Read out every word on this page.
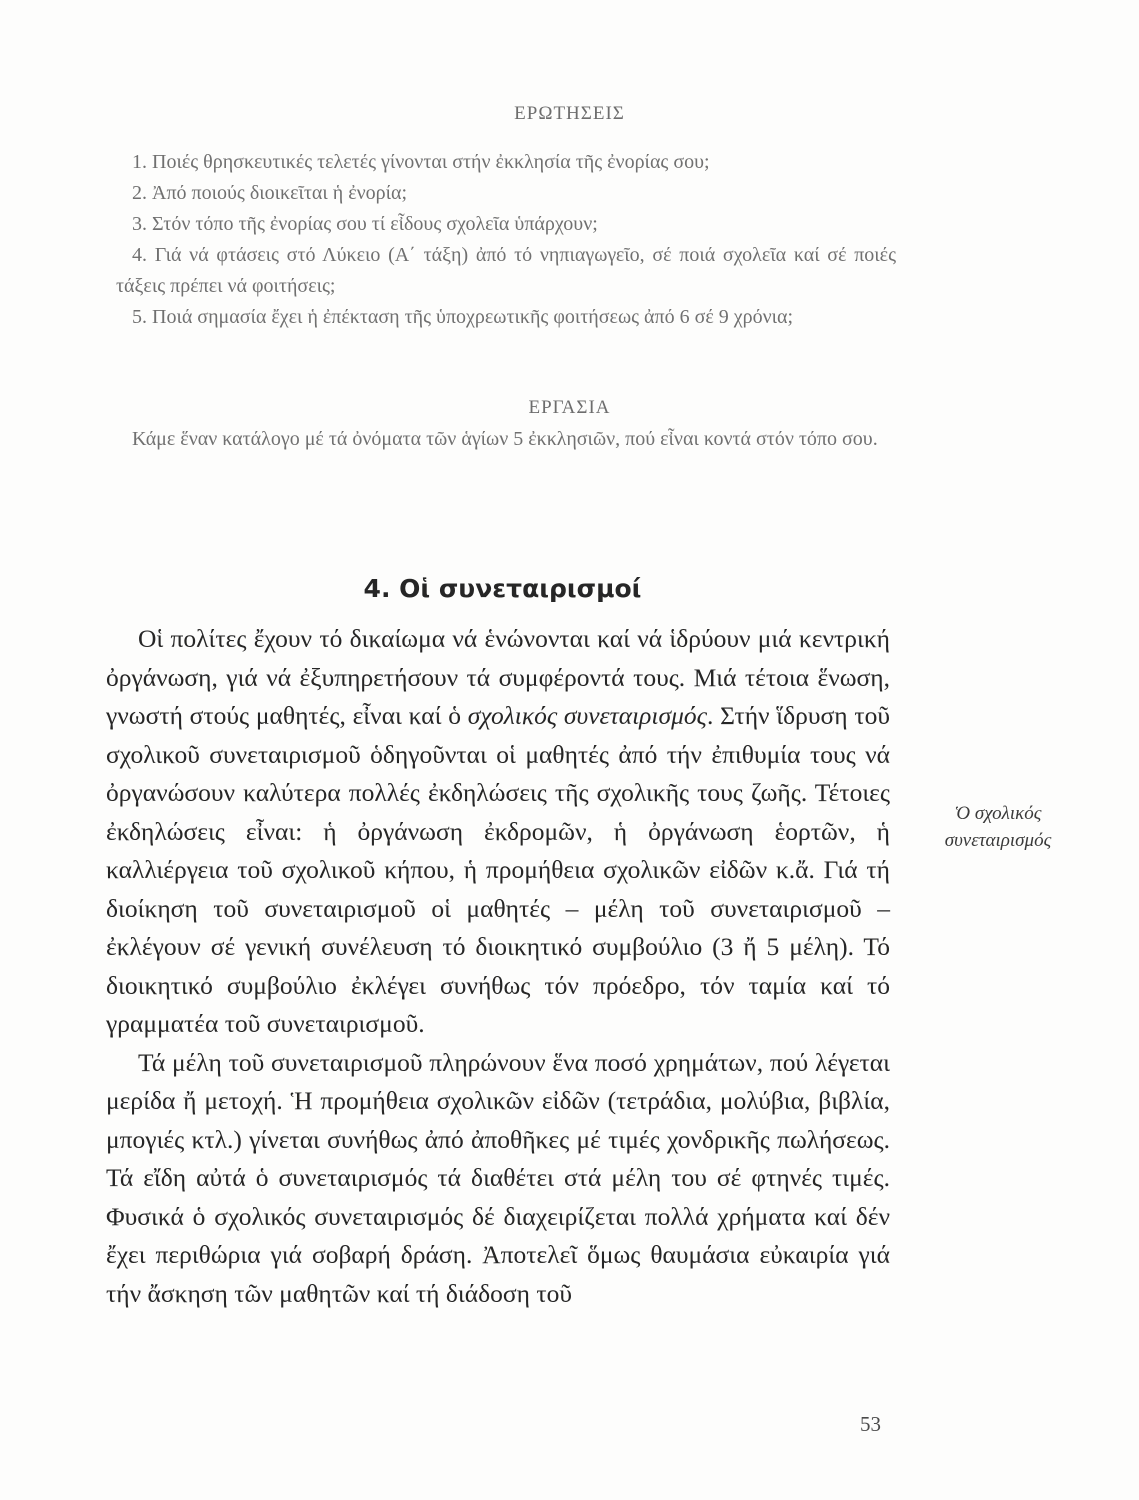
ΕΡΩΤΗΣΕΙΣ

1. Ποιές θρησκευτικές τελετές γίνονται στήν ἐκκλησία τῆς ἐνορίας σου;

2. Ἀπό ποιούς διοικεῖται ἡ ἐνορία;

3. Στόν τόπο τῆς ἐνορίας σου τί εἶδους σχολεῖα ὑπάρχουν;

4. Γιά νά φτάσεις στό Λύκειο (Α΄ τάξη) ἀπό τό νηπιαγωγεῖο, σέ ποιά σχολεῖα καί σέ ποιές τάξεις πρέπει νά φοιτήσεις;

5. Ποιά σημασία ἔχει ἡ ἐπέκταση τῆς ὑποχρεωτικῆς φοιτήσεως ἀπό 6 σέ 9 χρόνια;

ΕΡΓΑΣΙΑ

Κάμε ἕναν κατάλογο μέ τά ὀνόματα τῶν ἁγίων 5 ἐκκλησιῶν, πού εἶναι κοντά στόν τόπο σου.

4. Οἱ συνεταιρισμοί

Οἱ πολίτες ἔχουν τό δικαίωμα νά ἑνώνονται καί νά ἱδρύουν μιά κεντρική ὀργάνωση, γιά νά ἐξυπηρετήσουν τά συμφέροντά τους. Μιά τέτοια ἕνωση, γνωστή στούς μαθητές, εἶναι καί ὁ σχολικός συνεταιρισμός. Στήν ἵδρυση τοῦ σχολικοῦ συνεταιρισμοῦ ὁδηγοῦνται οἱ μαθητές ἀπό τήν ἐπιθυμία τους νά ὀργανώσουν καλύτερα πολλές ἐκδηλώσεις τῆς σχολικῆς τους ζωῆς. Τέτοιες ἐκδηλώσεις εἶναι: ἡ ὀργάνωση ἐκδρομῶν, ἡ ὀργάνωση ἑορτῶν, ἡ καλλιέργεια τοῦ σχολικοῦ κήπου, ἡ προμήθεια σχολικῶν εἰδῶν κ.ἄ. Γιά τή διοίκηση τοῦ συνεταιρισμοῦ οἱ μαθητές – μέλη τοῦ συνεταιρισμοῦ – ἐκλέγουν σέ γενική συνέλευση τό διοικητικό συμβούλιο (3 ἤ 5 μέλη). Τό διοικητικό συμβούλιο ἐκλέγει συνήθως τόν πρόεδρο, τόν ταμία καί τό γραμματέα τοῦ συνεταιρισμοῦ.

Τά μέλη τοῦ συνεταιρισμοῦ πληρώνουν ἕνα ποσό χρημάτων, πού λέγεται μερίδα ἤ μετοχή. Ἡ προμήθεια σχολικῶν εἰδῶν (τετράδια, μολύβια, βιβλία, μπογιές κτλ.) γίνεται συνήθως ἀπό ἀποθῆκες μέ τιμές χονδρικῆς πωλήσεως. Τά εἴδη αὐτά ὁ συνεταιρισμός τά διαθέτει στά μέλη του σέ φτηνές τιμές. Φυσικά ὁ σχολικός συνεταιρισμός δέ διαχειρίζεται πολλά χρήματα καί δέν ἔχει περιθώρια γιά σοβαρή δράση. Ἀποτελεῖ ὅμως θαυμάσια εὐκαιρία γιά τήν ἄσκηση τῶν μαθητῶν καί τή διάδοση τοῦ

Ὁ σχολικός
συνεταιρισμός
53
